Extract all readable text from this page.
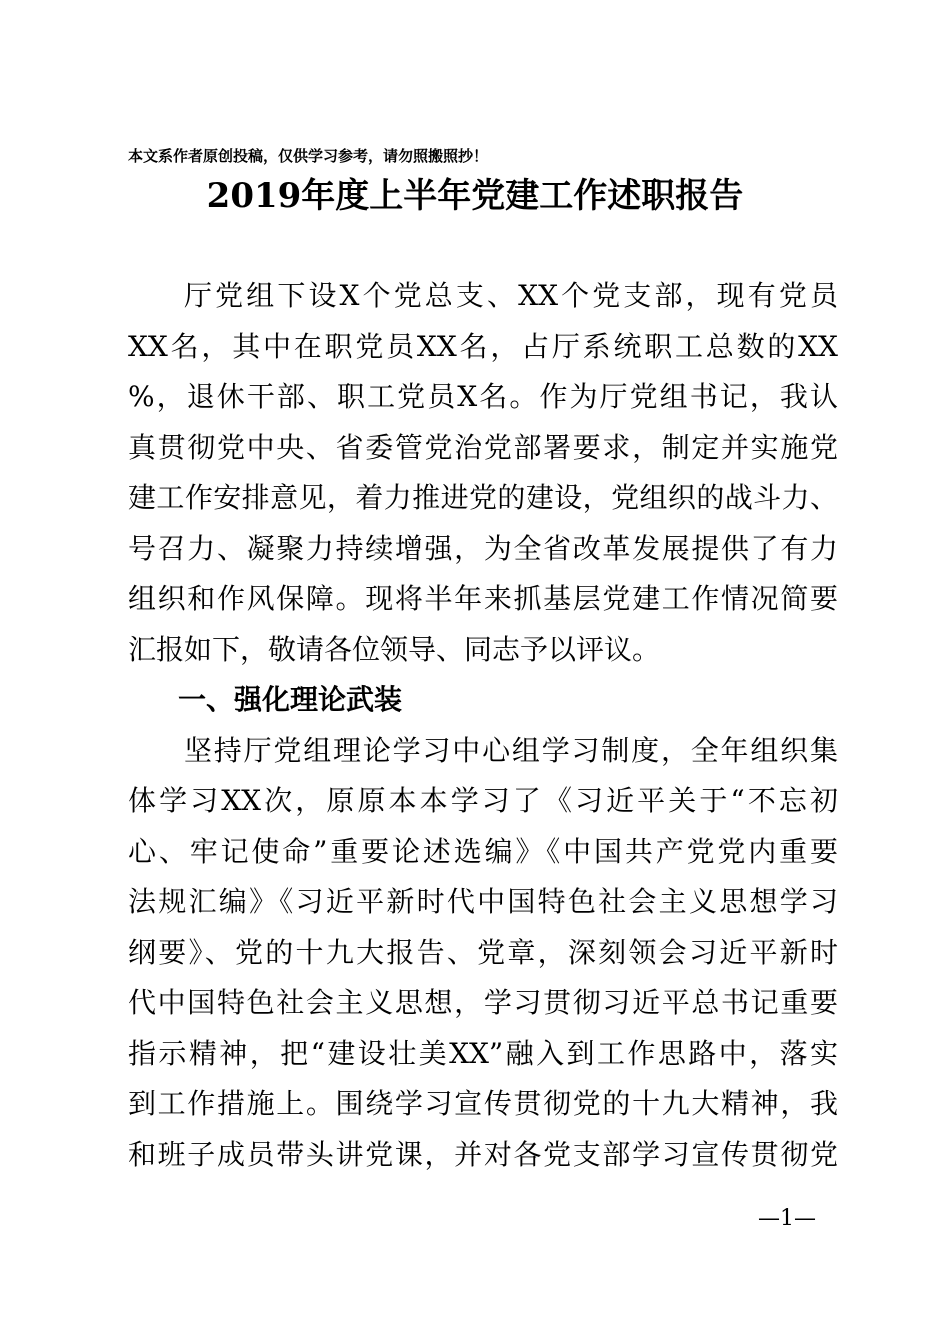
本文系作者原创投稿，仅供学习参考，请勿照搬照抄！
2019年度上半年党建工作述职报告
厅党组下设X个党总支、XX个党支部，现有党员
XX名，其中在职党员XX名，占厅系统职工总数的XX
%，退休干部、职工党员X名。作为厅党组书记，我认
真贯彻党中央、省委管党治党部署要求，制定并实施党
建工作安排意见，着力推进党的建设，党组织的战斗力、
号召力、凝聚力持续增强，为全省改革发展提供了有力
组织和作风保障。现将半年来抓基层党建工作情况简要
汇报如下，敬请各位领导、同志予以评议。
一、强化理论武装
坚持厅党组理论学习中心组学习制度，全年组织集
体学习XX次，原原本本学习了《习近平关于“不忘初
心、牢记使命”重要论述选编》《中国共产党党内重要
法规汇编》《习近平新时代中国特色社会主义思想学习
纲要》、党的十九大报告、党章，深刻领会习近平新时
代中国特色社会主义思想，学习贯彻习近平总书记重要
指示精神，把“建设壮美XX”融入到工作思路中，落实
到工作措施上。围绕学习宣传贯彻党的十九大精神，我
和班子成员带头讲党课，并对各党支部学习宣传贯彻党
—1—
